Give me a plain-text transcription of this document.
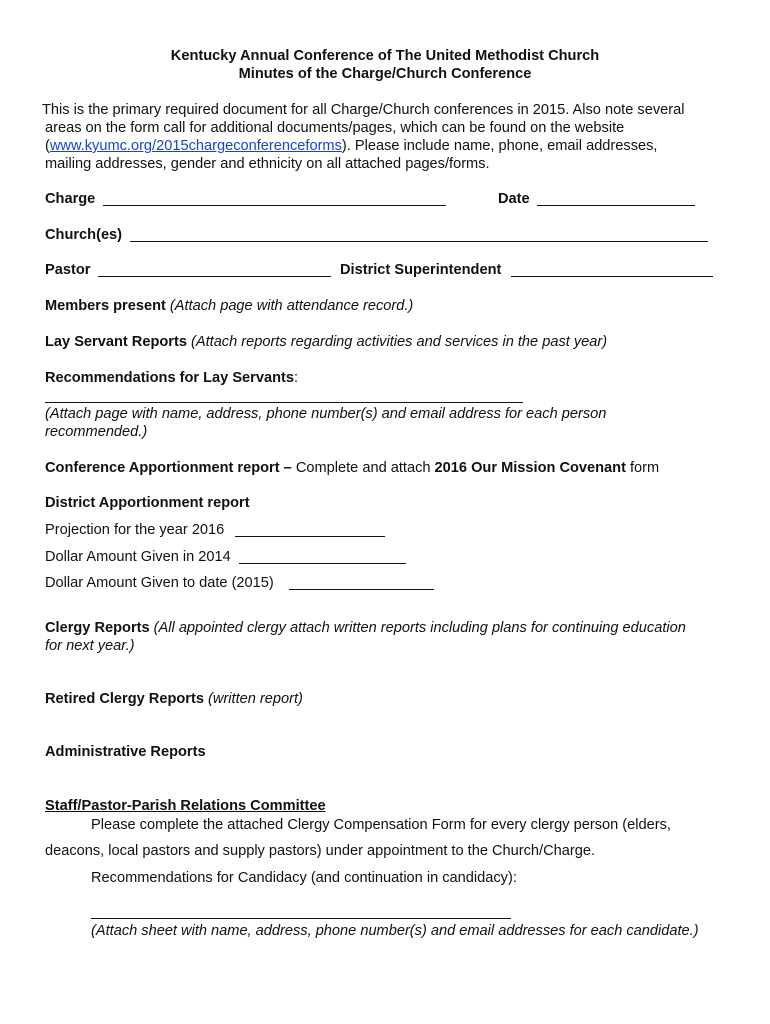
Kentucky Annual Conference of The United Methodist Church
Minutes of the Charge/Church Conference
This is the primary required document for all Charge/Church conferences in 2015. Also note several
areas on the form call for additional documents/pages, which can be found on the website
(www.kyumc.org/2015chargeconferenceforms). Please include name, phone, email addresses,
mailing addresses, gender and ethnicity on all attached pages/forms.
Charge	Date
Church(es)
Pastor	District Superintendent
Members present (Attach page with attendance record.)
Lay Servant Reports (Attach reports regarding activities and services in the past year)
Recommendations for Lay Servants:
(Attach page with name, address, phone number(s) and email address for each person
recommended.)
Conference Apportionment report – Complete and attach 2016 Our Mission Covenant form
District Apportionment report
Projection for the year 2016
Dollar Amount Given in 2014
Dollar Amount Given to date (2015)
Clergy Reports (All appointed clergy attach written reports including plans for continuing education
for next year.)
Retired Clergy Reports (written report)
Administrative Reports
Staff/Pastor-Parish Relations Committee
Please complete the attached Clergy Compensation Form for every clergy person (elders,
deacons, local pastors and supply pastors) under appointment to the Church/Charge.
Recommendations for Candidacy (and continuation in candidacy):
(Attach sheet with name, address, phone number(s) and email addresses for each candidate.)
